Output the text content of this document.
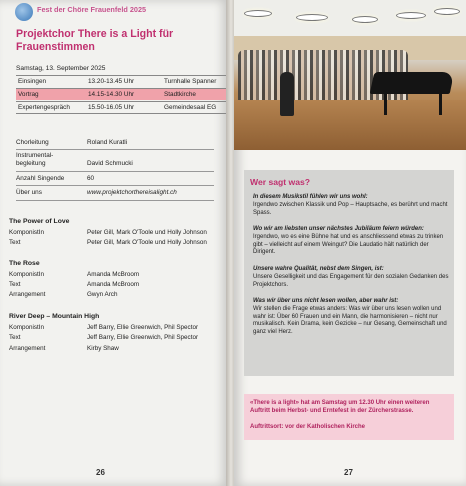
Fest der Chöre Frauenfeld 2025
Projektchor There is a Light für Frauenstimmen
Samstag, 13. September 2025
Einsingen	13.20-13.45 Uhr	Turnhalle Spanner
Vortrag	14.15-14.30 Uhr	Stadtkirche
Expertengespräch	15.50-16.05 Uhr	Gemeindesaal EG
Chorleitung	Roland Kuratli
Instrumental-
begleitung	David Schmucki
Anzahl Singende	60
Über uns	www.projektchorthereisalight.ch
The Power of Love
KomponistIn	Peter Gill, Mark O'Toole und Holly Johnson
Text	Peter Gill, Mark O'Toole und Holly Johnson
The Rose
KomponistIn	Amanda McBroom
Text	Amanda McBroom
Arrangement	Gwyn Arch
River Deep – Mountain High
KomponistIn	Jeff Barry, Ellie Greenwich, Phil Spector
Text	Jeff Barry, Ellie Greenwich, Phil Spector
Arrangement	Kirby Shaw
26
Wer sagt was?
In diesem Musikstil fühlen wir uns wohl:
Irgendwo zwischen Klassik und Pop – Hauptsache, es berührt und macht Spass.
Wo wir am liebsten unser nächstes Jubiläum feiern würden:
Irgendwo, wo es eine Bühne hat und es anschliessend etwas zu trinken gibt – vielleicht auf einem Weingut? Die Laudatio hält natürlich der Dirigent.
Unsere wahre Qualität, nebst dem Singen, ist:
Unsere Geselligkeit und das Engagement für den sozialen Gedanken des Projektchors.
Was wir über uns nicht lesen wollen, aber wahr ist:
Wir stellen die Frage etwas anders: Was wir über uns lesen wollen und wahr ist: Über 60 Frauen und ein Mann, die harmonisieren – nicht nur musikalisch. Kein Drama, kein Gezicke – nur Gesang, Gemeinschaft und ganz viel Herz.
«There is a light» hat am Samstag um 12.30 Uhr einen weiteren Auftritt beim Herbst- und Erntefest in der Zürcherstrasse.
Auftrittsort: vor der Katholischen Kirche
27
